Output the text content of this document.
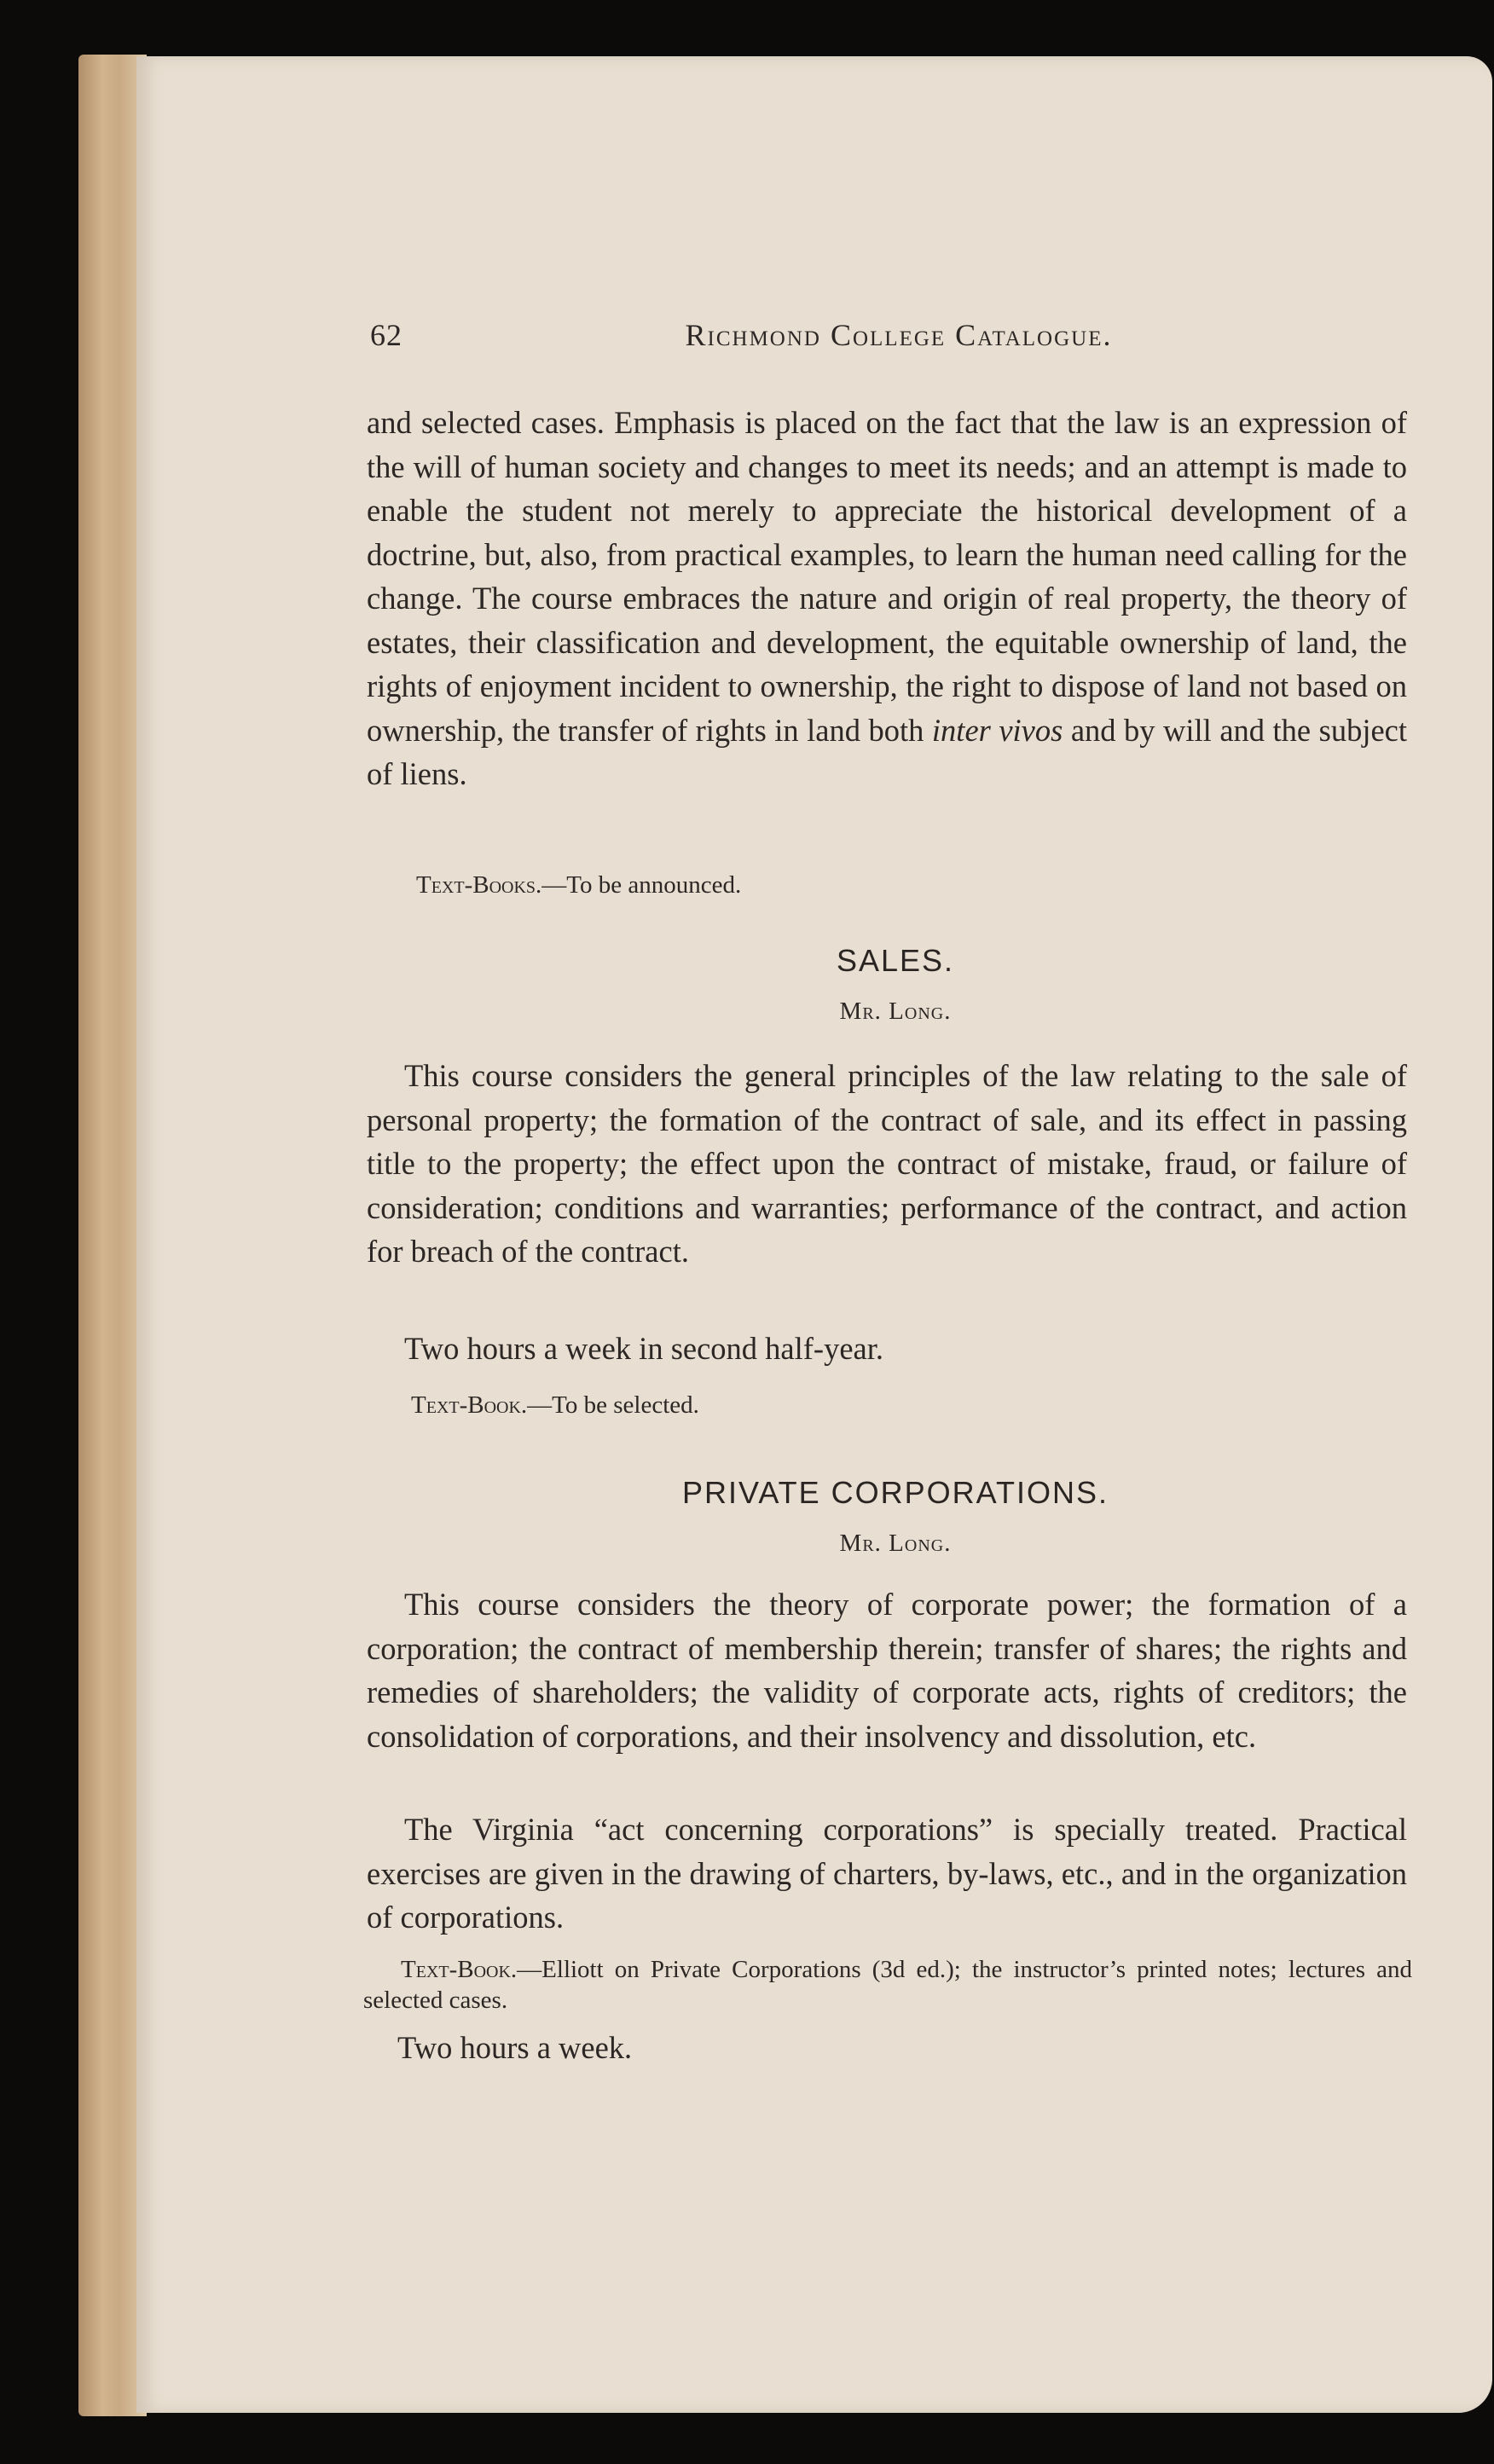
62	Richmond College Catalogue.

and selected cases. Emphasis is placed on the fact that the law is an expression of the will of human society and changes to meet its needs; and an attempt is made to enable the student not merely to appreciate the historical development of a doctrine, but, also, from practical examples, to learn the human need calling for the change. The course embraces the nature and origin of real property, the theory of estates, their classification and development, the equitable ownership of land, the rights of enjoyment incident to ownership, the right to dispose of land not based on ownership, the transfer of rights in land both inter vivos and by will and the subject of liens.

Text-Books.—To be announced.

SALES.
Mr. Long.

This course considers the general principles of the law relating to the sale of personal property; the formation of the contract of sale, and its effect in passing title to the property; the effect upon the contract of mistake, fraud, or failure of consideration; conditions and warranties; performance of the contract, and action for breach of the contract.

Two hours a week in second half-year.

Text-Book.—To be selected.

PRIVATE CORPORATIONS.
Mr. Long.

This course considers the theory of corporate power; the formation of a corporation; the contract of membership therein; transfer of shares; the rights and remedies of shareholders; the validity of corporate acts, rights of creditors; the consolidation of corporations, and their insolvency and dissolution, etc.

The Virginia “act concerning corporations” is specially treated. Practical exercises are given in the drawing of charters, by-laws, etc., and in the organization of corporations.

Text-Book.—Elliott on Private Corporations (3d ed.); the instructor’s printed notes; lectures and selected cases.

Two hours a week.
